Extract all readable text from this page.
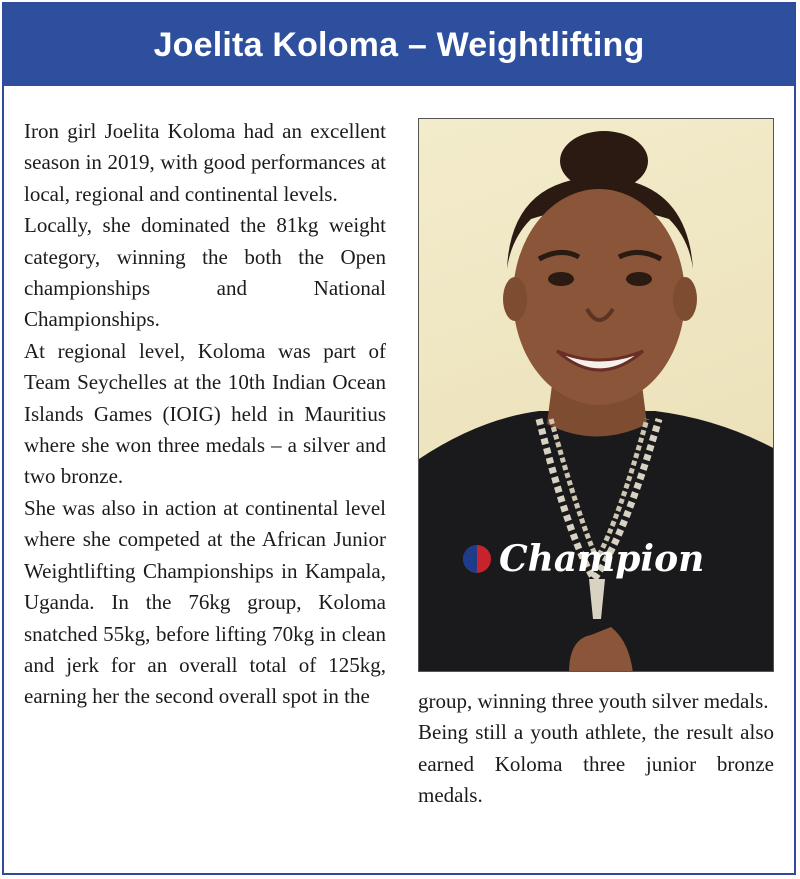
Joelita Koloma – Weightlifting

Iron girl Joelita Koloma had an excellent season in 2019, with good performances at local, regional and continental levels.

Locally, she dominated the 81kg weight category, winning the both the Open championships and National Championships.

At regional level, Koloma was part of Team Seychelles at the 10th Indian Ocean Islands Games (IOIG) held in Mauritius where she won three medals – a silver and two bronze.

She was also in action at continental level where she competed at the African Junior Weightlifting Championships in Kampala, Uganda. In the 76kg group, Koloma snatched 55kg, before lifting 70kg in clean and jerk for an overall total of 125kg, earning her the second overall spot in the

Champion

group, winning three youth silver medals.

Being still a youth athlete, the result also earned Koloma three junior bronze medals.
